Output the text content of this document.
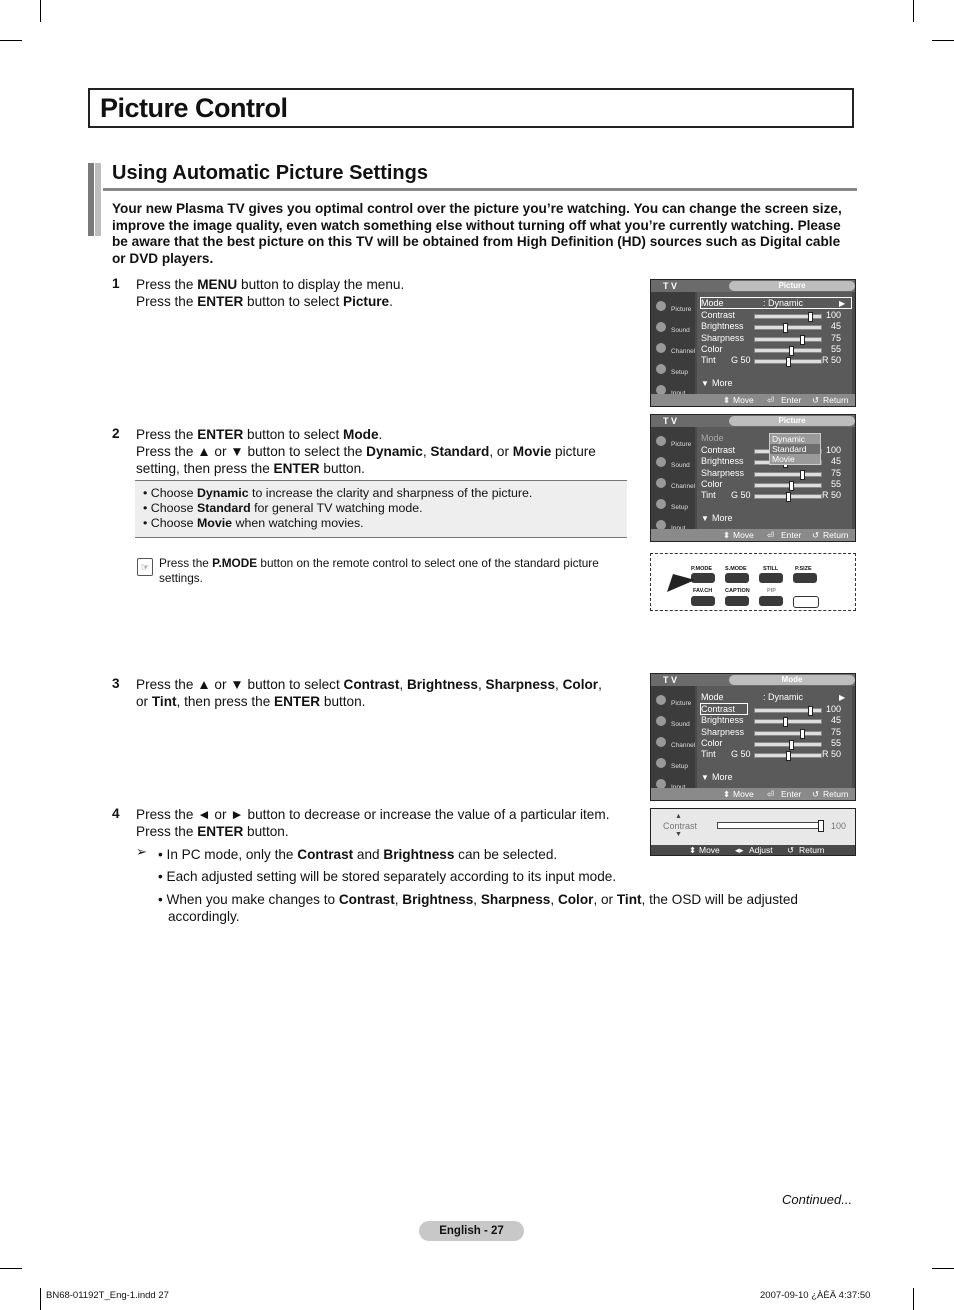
Picture Control
Using Automatic Picture Settings
Your new Plasma TV gives you optimal control over the picture you’re watching. You can change the screen size, improve the image quality, even watch something else without turning off what you’re currently watching. Please be aware that the best picture on this TV will be obtained from High Definition (HD) sources such as Digital cable or DVD players.
1 Press the MENU button to display the menu.
Press the ENTER button to select Picture.
2 Press the ENTER button to select Mode.
Press the ▲ or ▼ button to select the Dynamic, Standard, or Movie picture setting, then press the ENTER button.
• Choose Dynamic to increase the clarity and sharpness of the picture.
• Choose Standard for general TV watching mode.
• Choose Movie when watching movies.
☞ Press the P.MODE button on the remote control to select one of the standard picture settings.
3 Press the ▲ or ▼ button to select Contrast, Brightness, Sharpness, Color, or Tint, then press the ENTER button.
4 Press the ◄ or ► button to decrease or increase the value of a particular item.
Press the ENTER button.
➢ • In PC mode, only the Contrast and Brightness can be selected.
• Each adjusted setting will be stored separately according to its input mode.
• When you make changes to Contrast, Brightness, Sharpness, Color, or Tint, the OSD will be adjusted accordingly.
T V	Picture
Picture
Sound
Channel
Setup
Mode	: Dynamic	▶
Contrast	100
Brightness	45
Sharpness	75
Color	55
Tint G 50	R 50
▼ More
⬍ Move ⏎ Enter ↺ Return
T V	Picture
Picture
Sound
Channel
Setup
Mode
Contrast	100
Brightness	45
Sharpness	75
Color	55
Tint G 50	R 50
Dynamic
Standard
Movie
▼ More
⬍ Move ⏎ Enter ↺ Return
T V	Mode
Picture
Sound
Channel
Setup
Mode	: Dynamic	▶
Contrast	100
Brightness	45
Sharpness	75
Color	55
Tint G 50	R 50
▼ More
⬍ Move ⏎ Enter ↺ Return
P.MODE S.MODE	STILL	P.SIZE
FAV.CH CAPTION	PIP
▲
Contrast
▼
100
⬍ Move ◂▸ Adjust ↺ Return
Continued...
English - 27
BN68-01192T_Eng-1.indd 27	2007-09-10 ¿ÀÈÄ 4:37:50
